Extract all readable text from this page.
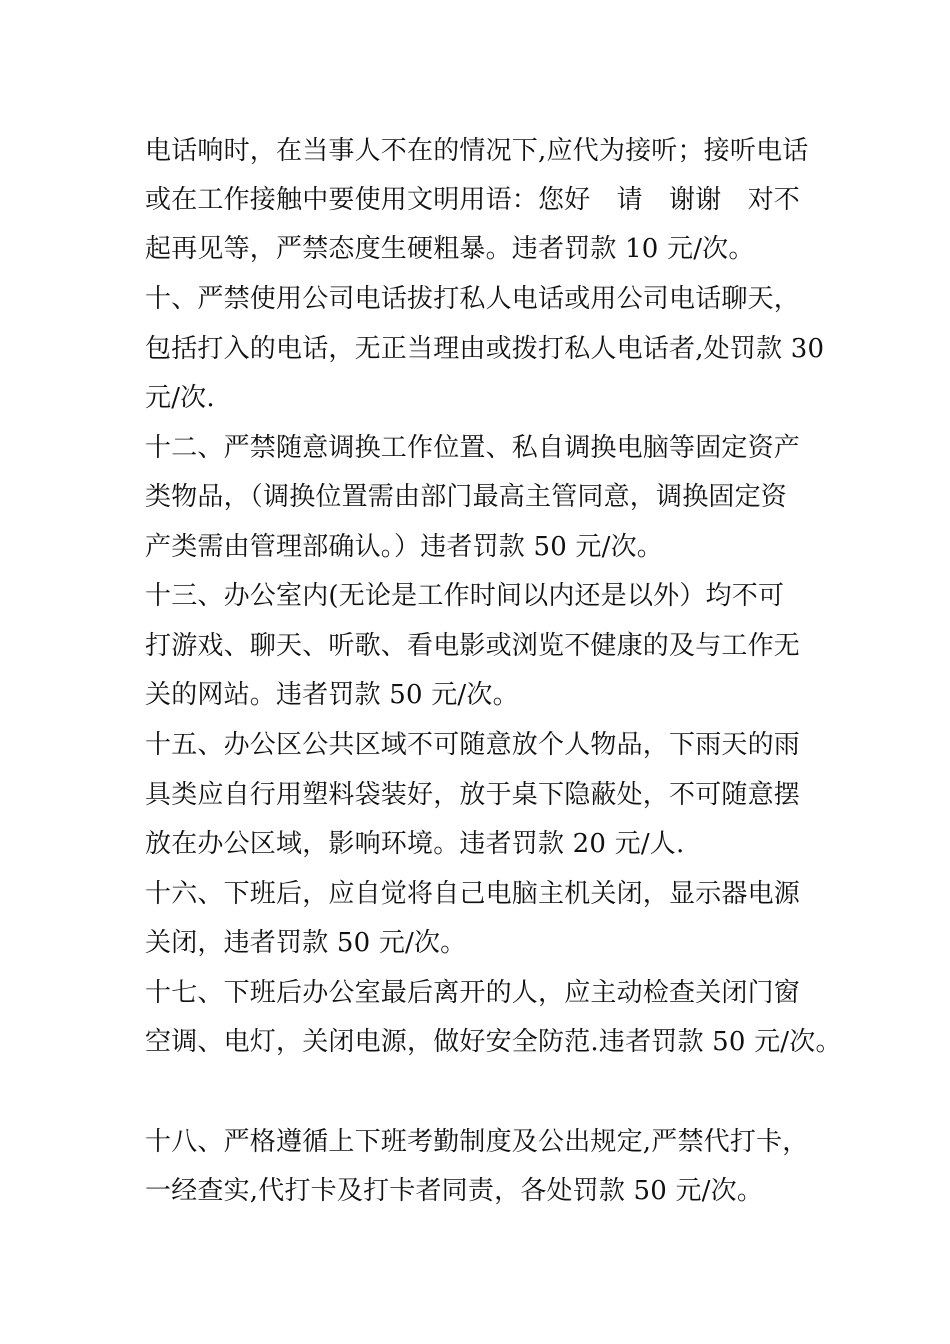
电话响时，在当事人不在的情况下,应代为接听；接听电话
或在工作接触中要使用文明用语：您好　请　谢谢　对不
起再见等，严禁态度生硬粗暴。违者罚款 10 元/次。
十、严禁使用公司电话拔打私人电话或用公司电话聊天，
包括打入的电话，无正当理由或拨打私人电话者,处罚款 30
元/次.
十二、严禁随意调换工作位置、私自调换电脑等固定资产
类物品，（调换位置需由部门最高主管同意，调换固定资
产类需由管理部确认。）违者罚款 50 元/次。
十三、办公室内(无论是工作时间以内还是以外）均不可
打游戏、聊天、听歌、看电影或浏览不健康的及与工作无
关的网站。违者罚款 50 元/次。
十五、办公区公共区域不可随意放个人物品，下雨天的雨
具类应自行用塑料袋装好，放于桌下隐蔽处，不可随意摆
放在办公区域，影响环境。违者罚款 20 元/人.
十六、下班后，应自觉将自己电脑主机关闭，显示器电源
关闭，违者罚款 50 元/次。
十七、下班后办公室最后离开的人，应主动检查关闭门窗
空调、电灯，关闭电源，做好安全防范.违者罚款 50 元/次。
十八、严格遵循上下班考勤制度及公出规定,严禁代打卡，
一经查实,代打卡及打卡者同责，各处罚款 50 元/次。
